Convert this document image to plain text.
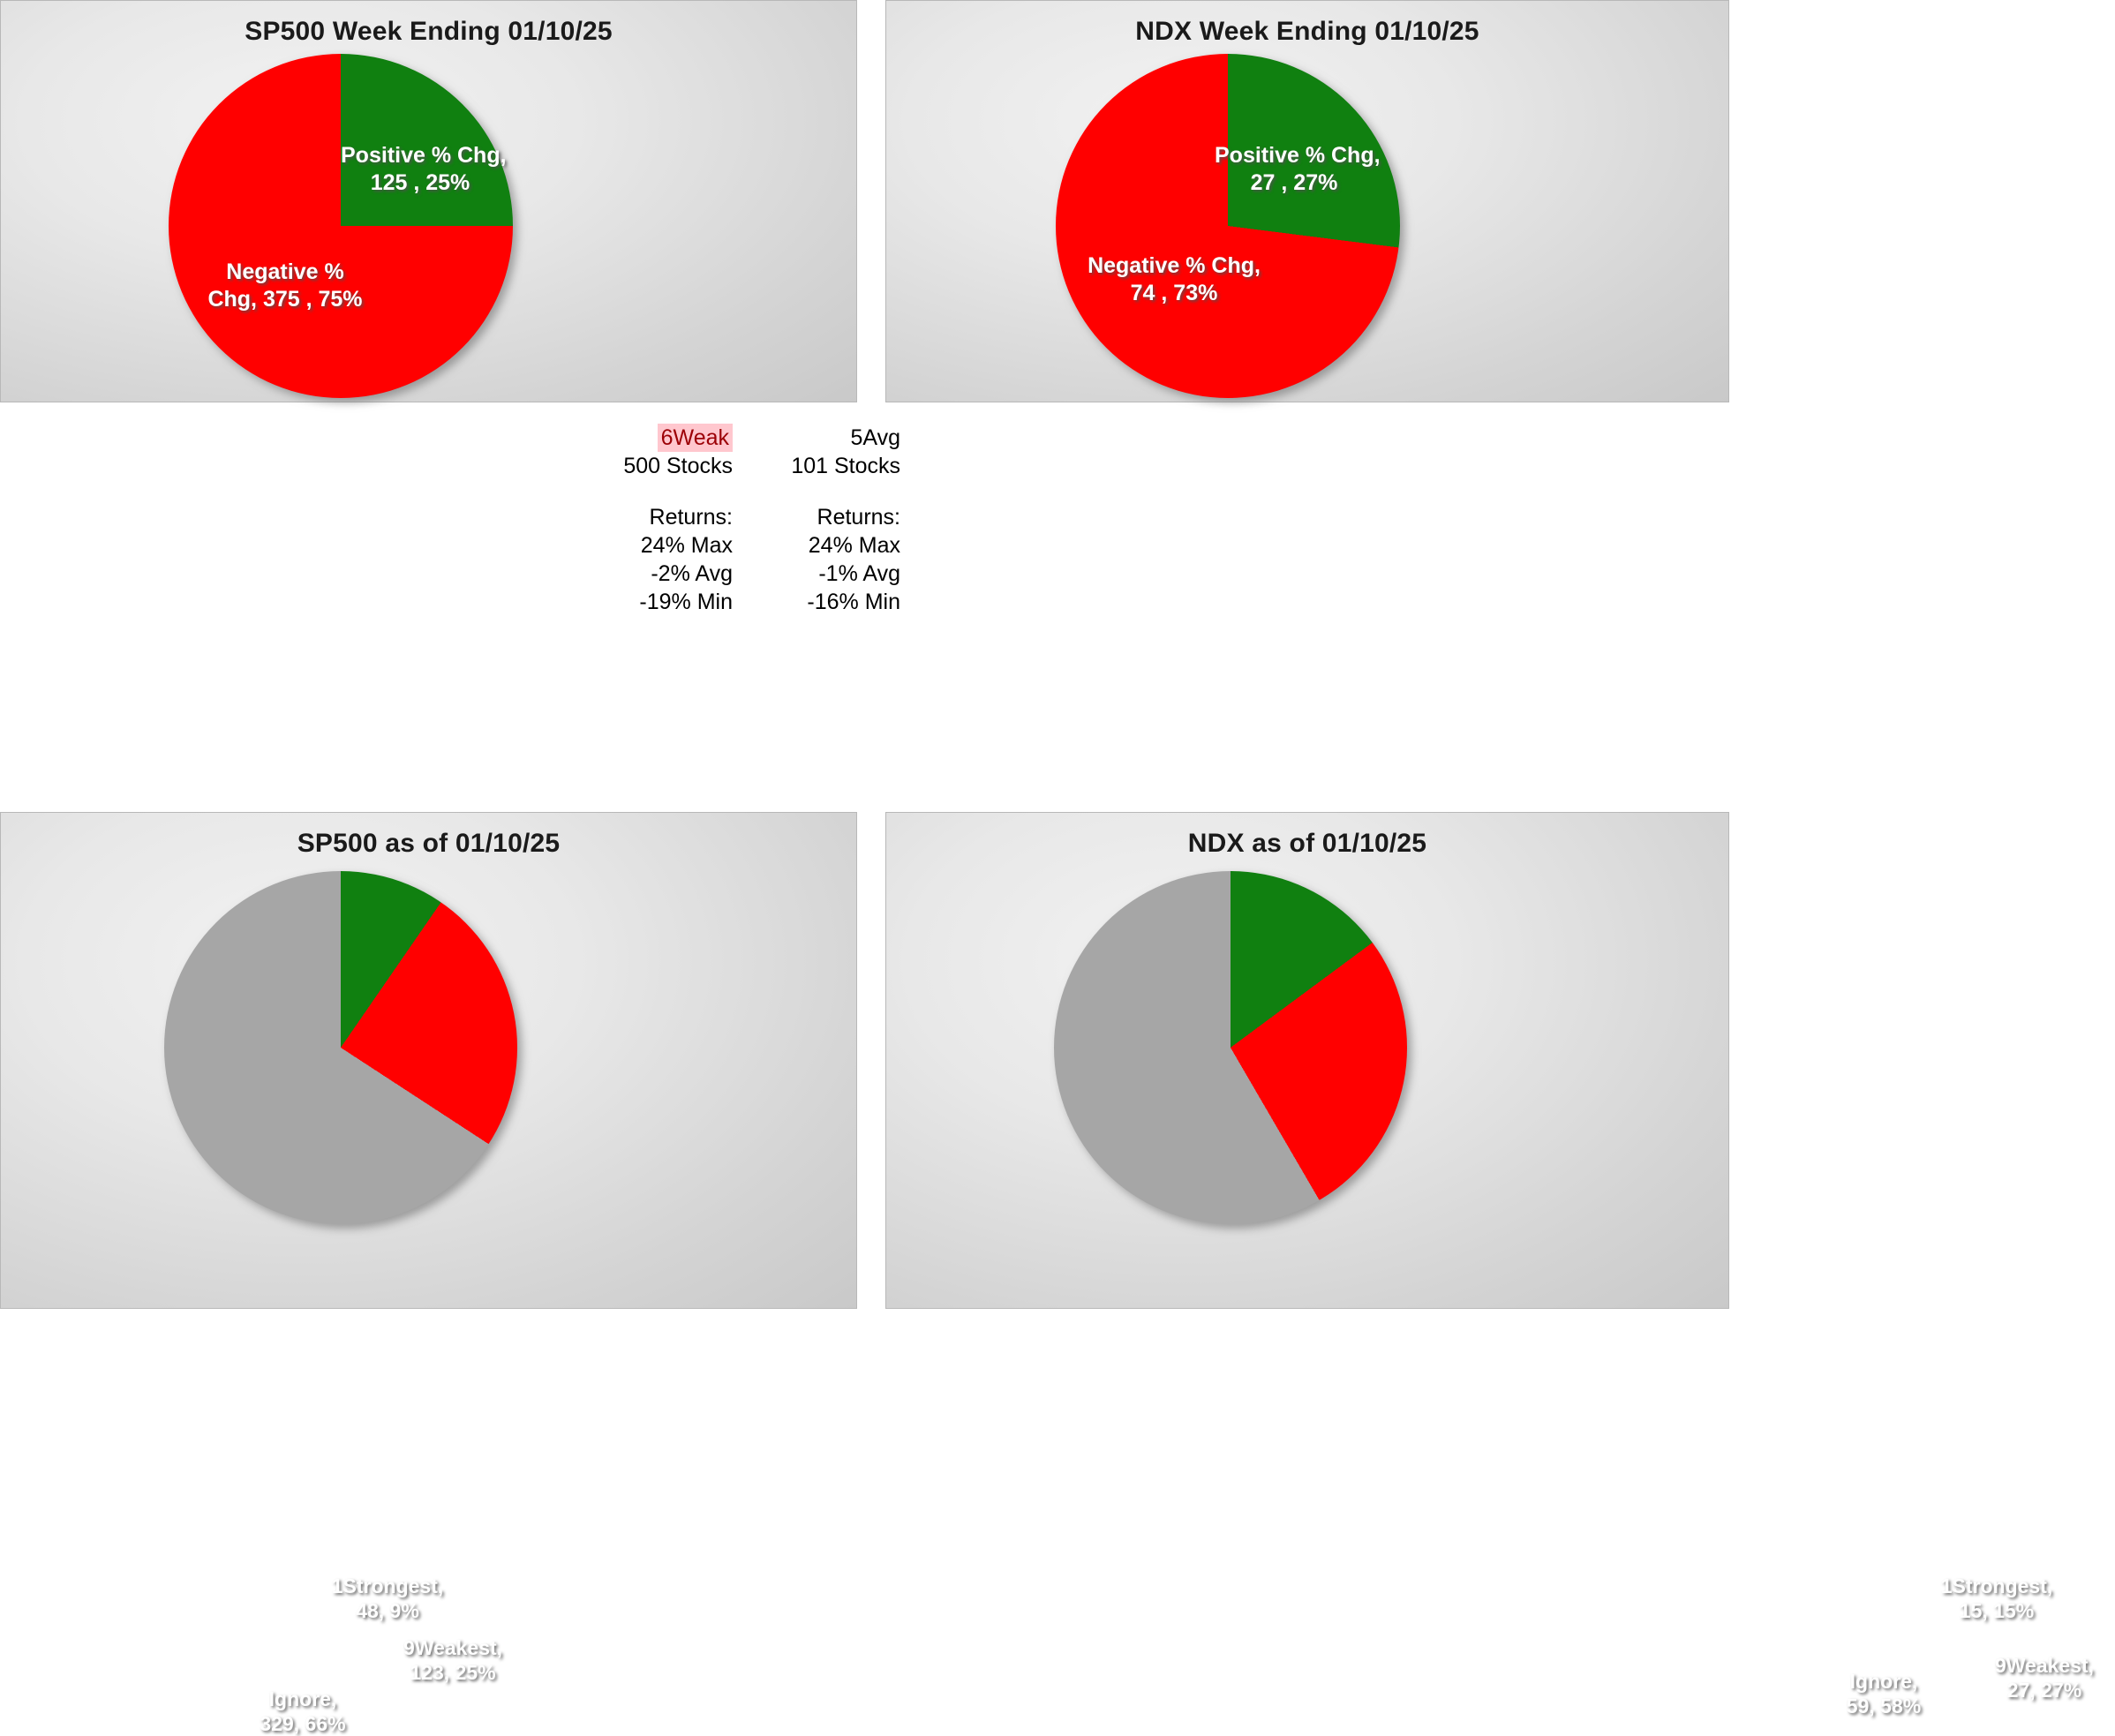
SP500 Week Ending 01/10/25
Positive % Chg,
125 , 25%
Negative %
Chg, 375 , 75%
NDX Week Ending 01/10/25
Positive % Chg,
27 , 27%
Negative % Chg,
74 , 73%
6Weak
500 Stocks
Returns:
24% Max
-2% Avg
-19% Min
5Avg
101 Stocks
Returns:
24% Max
-1% Avg
-16% Min
SP500 as of 01/10/25
1Strongest,
48, 9%
9Weakest,
123, 25%
Ignore,
329, 66%
NDX as of 01/10/25
1Strongest,
15, 15%
9Weakest,
27, 27%
Ignore,
59, 58%
